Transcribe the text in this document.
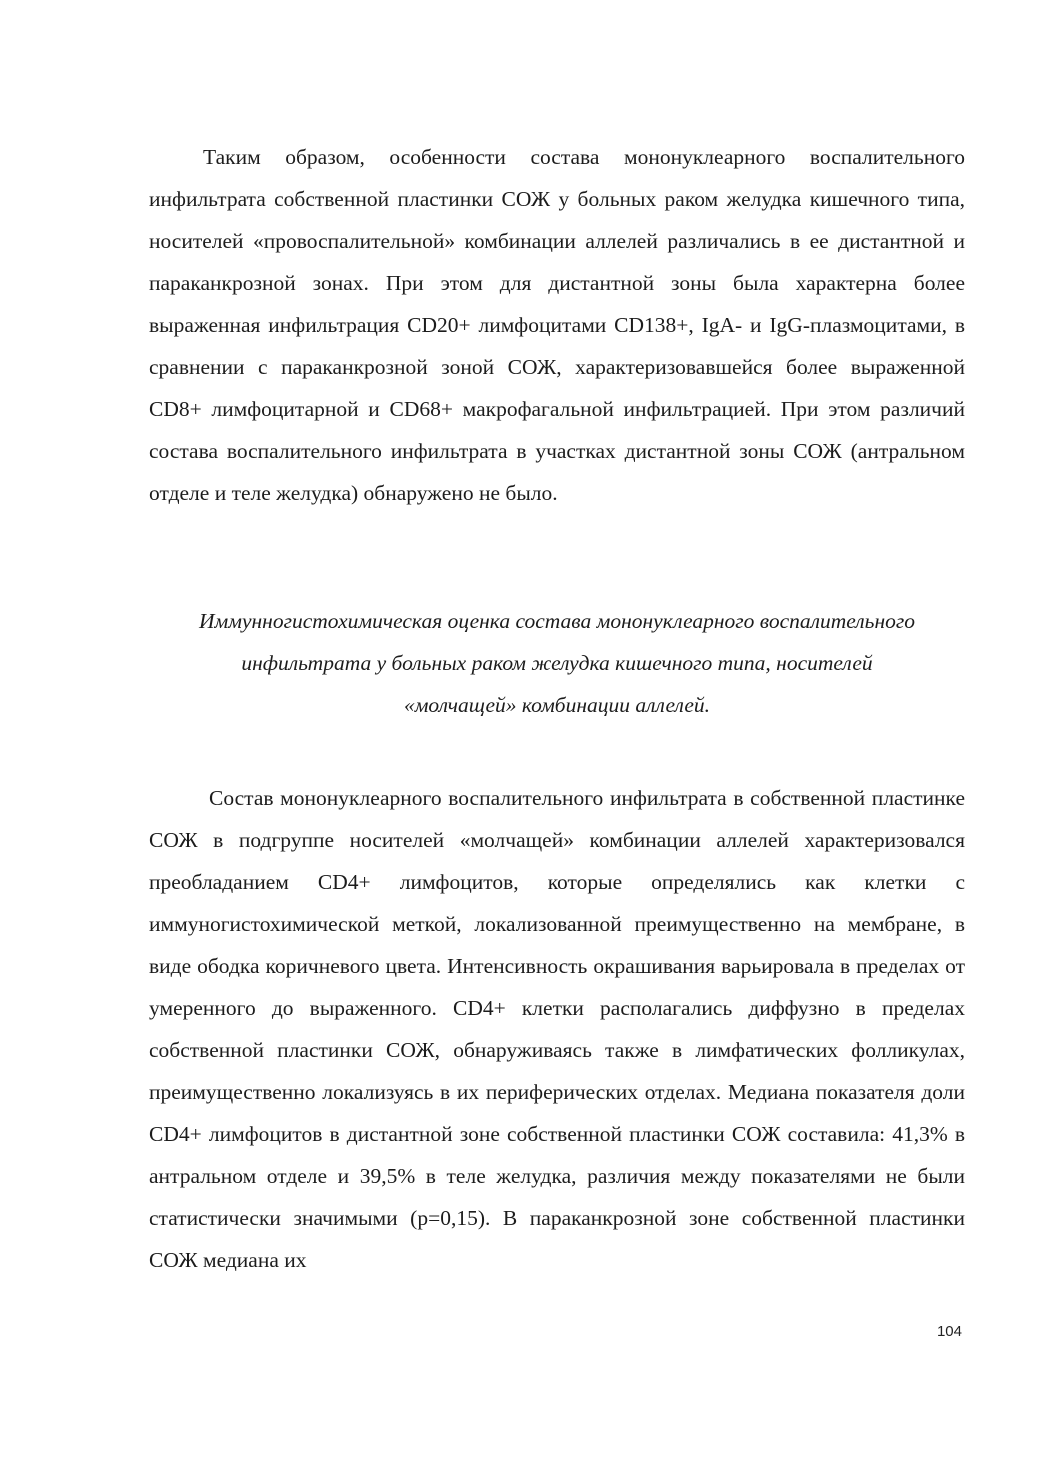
Таким образом, особенности состава мононуклеарного воспалительного инфильтрата собственной пластинки СОЖ у больных раком желудка кишечного типа, носителей «провоспалительной» комбинации аллелей различались в ее дистантной и параканкрозной зонах. При этом для дистантной зоны была характерна более выраженная инфильтрация CD20+ лимфоцитами CD138+, IgA- и IgG-плазмоцитами, в сравнении с параканкрозной зоной СОЖ, характеризовавшейся более выраженной CD8+ лимфоцитарной и CD68+ макрофагальной инфильтрацией. При этом различий состава воспалительного инфильтрата в участках дистантной зоны СОЖ (антральном отделе и теле желудка) обнаружено не было.

Иммунногистохимическая оценка состава мононуклеарного воспалительного
инфильтрата у больных раком желудка кишечного типа, носителей
«молчащей» комбинации аллелей.

Состав мононуклеарного воспалительного инфильтрата в собственной пластинке СОЖ в подгруппе носителей «молчащей» комбинации аллелей характеризовался преобладанием CD4+ лимфоцитов, которые определялись как клетки с иммуногистохимической меткой, локализованной преимущественно на мембране, в виде ободка коричневого цвета. Интенсивность окрашивания варьировала в пределах от умеренного до выраженного. CD4+ клетки располагались диффузно в пределах собственной пластинки СОЖ, обнаруживаясь также в лимфатических фолликулах, преимущественно локализуясь в их периферических отделах. Медиана показателя доли CD4+ лимфоцитов в дистантной зоне собственной пластинки СОЖ составила: 41,3% в антральном отделе и 39,5% в теле желудка, различия между показателями не были статистически значимыми (p=0,15). В параканкрозной зоне собственной пластинки СОЖ медиана их

104
